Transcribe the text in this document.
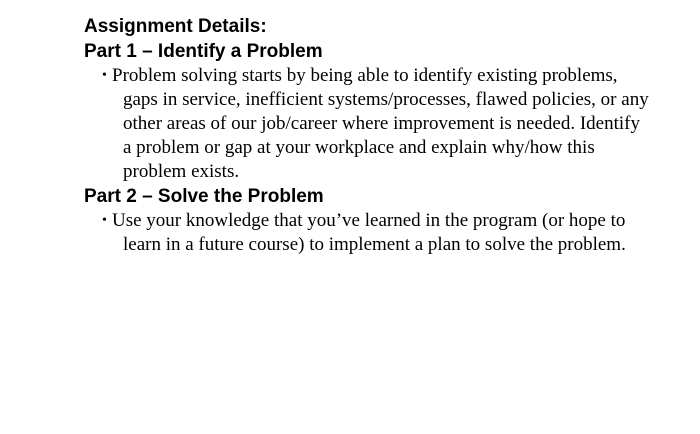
Assignment Details:
Part 1 – Identify a Problem
• Problem solving starts by being able to identify existing problems, gaps in service, inefficient systems/processes, flawed policies, or any other areas of our job/career where improvement is needed. Identify a problem or gap at your workplace and explain why/how this problem exists.
Part 2 – Solve the Problem
• Use your knowledge that you’ve learned in the program (or hope to learn in a future course) to implement a plan to solve the problem.
